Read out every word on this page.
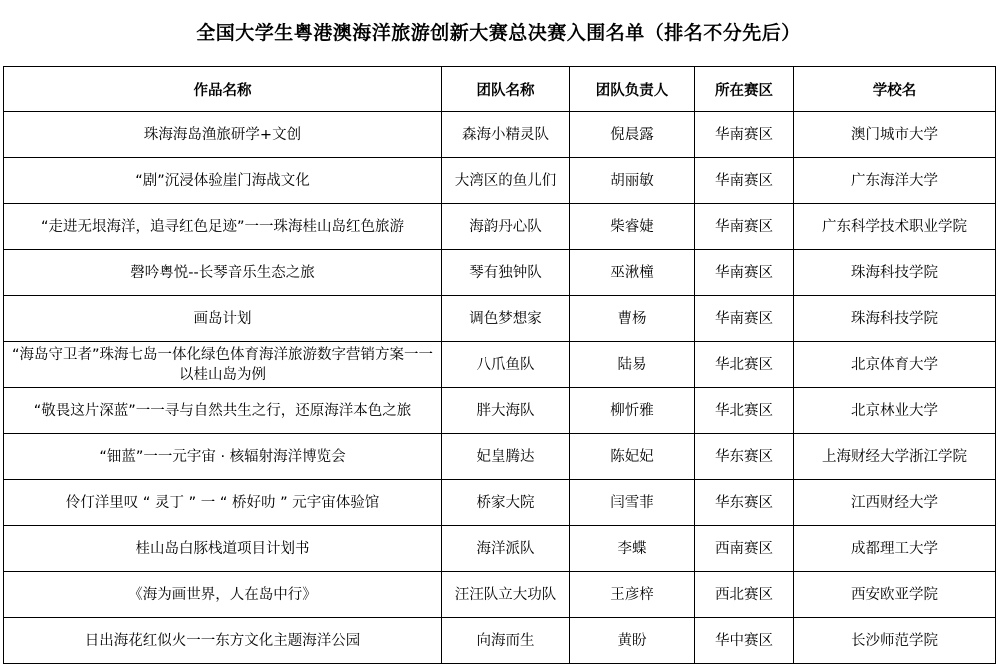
全国大学生粤港澳海洋旅游创新大赛总决赛入围名单（排名不分先后）
作品名称	团队名称	团队负责人	所在赛区	学校名
珠海海岛渔旅研学+文创	森海小精灵队	倪晨露	华南赛区	澳门城市大学
“剧”沉浸体验崖门海战文化	大湾区的鱼儿们	胡丽敏	华南赛区	广东海洋大学
“走进无垠海洋，追寻红色足迹”一一珠海桂山岛红色旅游	海韵丹心队	柴睿婕	华南赛区	广东科学技术职业学院
磬吟粤悦--长琴音乐生态之旅	琴有独钟队	巫湫橦	华南赛区	珠海科技学院
画岛计划	调色梦想家	曹杨	华南赛区	珠海科技学院
“海岛守卫者”珠海七岛一体化绿色体育海洋旅游数字营销方案一一以桂山岛为例	八爪鱼队	陆易	华北赛区	北京体育大学
“敬畏这片深蓝”一一寻与自然共生之行，还原海洋本色之旅	胖大海队	柳忻雅	华北赛区	北京林业大学
“钿蓝”一一元宇宙 · 核辐射海洋博览会	妃皇腾达	陈妃妃	华东赛区	上海财经大学浙江学院
伶仃洋里叹 “ 灵丁 ” 一 “ 桥好叻 ” 元宇宙体验馆	桥家大院	闫雪菲	华东赛区	江西财经大学
桂山岛白豚栈道项目计划书	海洋派队	李蝶	西南赛区	成都理工大学
《海为画世界，人在岛中行》	汪汪队立大功队	王彦梓	西北赛区	西安欧亚学院
日出海花红似火一一东方文化主题海洋公园	向海而生	黄盼	华中赛区	长沙师范学院
